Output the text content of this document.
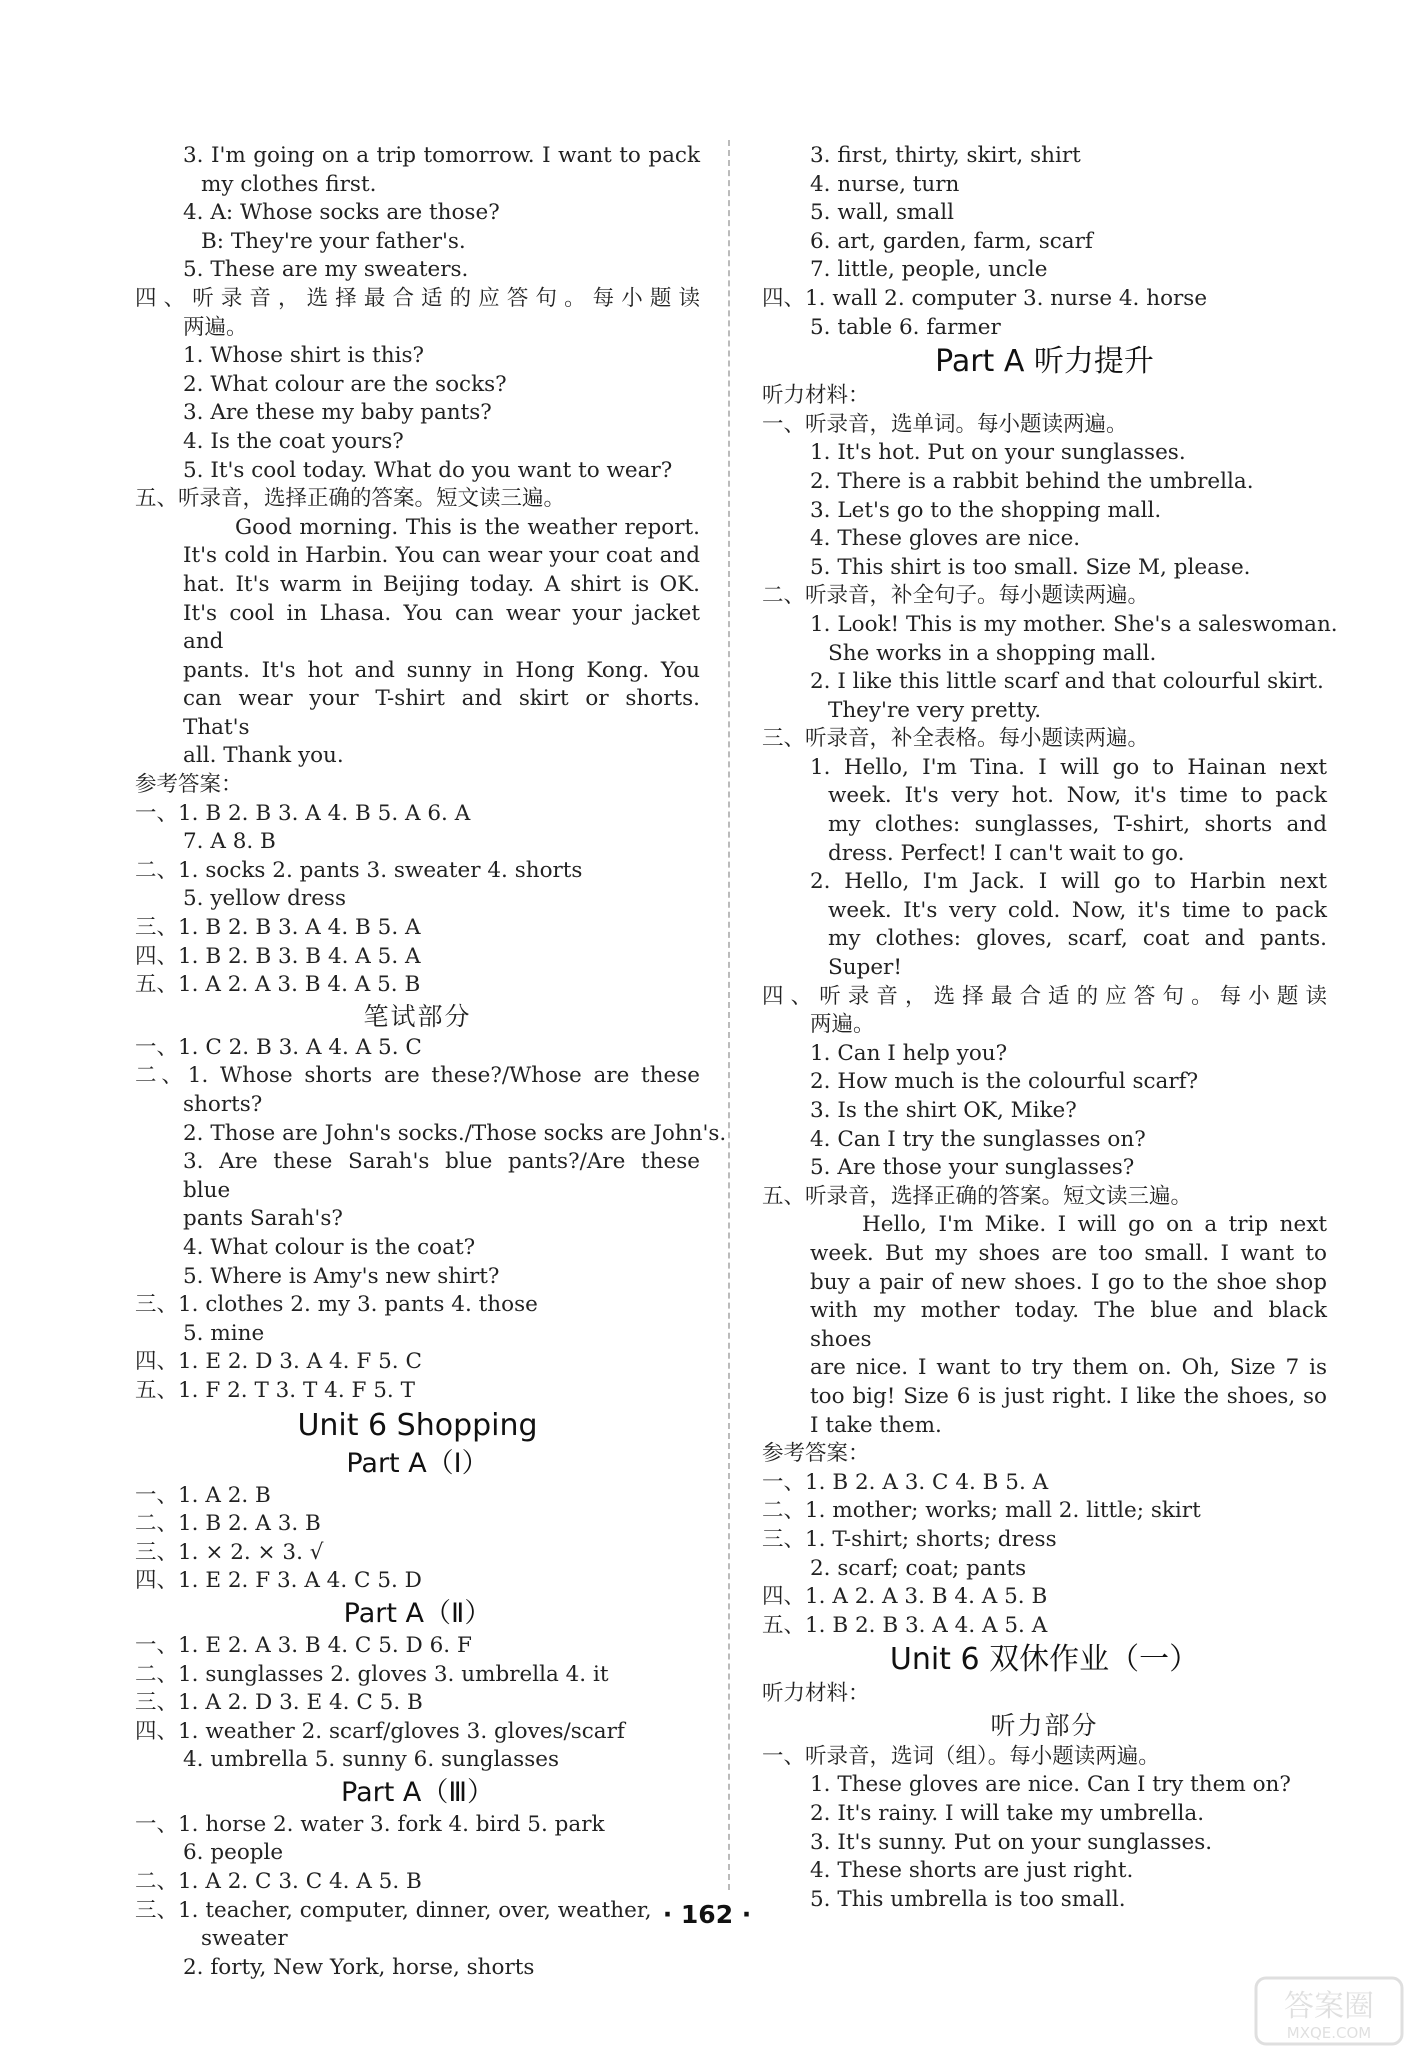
3. I'm going on a trip tomorrow. I want to pack
my clothes first.
4. A: Whose socks are those?
B: They're your father's.
5. These are my sweaters.
四、听录音，选择最合适的应答句。每小题读
两遍。
1. Whose shirt is this?
2. What colour are the socks?
3. Are these my baby pants?
4. Is the coat yours?
5. It's cool today. What do you want to wear?
五、听录音，选择正确的答案。短文读三遍。
Good morning. This is the weather report.
It's cold in Harbin. You can wear your coat and
hat. It's warm in Beijing today. A shirt is OK.
It's cool in Lhasa. You can wear your jacket and
pants. It's hot and sunny in Hong Kong. You
can wear your T-shirt and skirt or shorts. That's
all. Thank you.
参考答案：
一、1. B 2. B 3. A 4. B 5. A 6. A
7. A 8. B
二、1. socks 2. pants 3. sweater 4. shorts
5. yellow dress
三、1. B 2. B 3. A 4. B 5. A
四、1. B 2. B 3. B 4. A 5. A
五、1. A 2. A 3. B 4. A 5. B
笔试部分
一、1. C 2. B 3. A 4. A 5. C
二、1. Whose shorts are these?/Whose are these
shorts?
2. Those are John's socks./Those socks are John's.
3. Are these Sarah's blue pants?/Are these blue
pants Sarah's?
4. What colour is the coat?
5. Where is Amy's new shirt?
三、1. clothes 2. my 3. pants 4. those
5. mine
四、1. E 2. D 3. A 4. F 5. C
五、1. F 2. T 3. T 4. F 5. T
Unit 6 Shopping
Part A（Ⅰ）
一、1. A 2. B
二、1. B 2. A 3. B
三、1. × 2. × 3. √
四、1. E 2. F 3. A 4. C 5. D
Part A（Ⅱ）
一、1. E 2. A 3. B 4. C 5. D 6. F
二、1. sunglasses 2. gloves 3. umbrella 4. it
三、1. A 2. D 3. E 4. C 5. B
四、1. weather 2. scarf/gloves 3. gloves/scarf
4. umbrella 5. sunny 6. sunglasses
Part A（Ⅲ）
一、1. horse 2. water 3. fork 4. bird 5. park
6. people
二、1. A 2. C 3. C 4. A 5. B
三、1. teacher, computer, dinner, over, weather,
sweater
2. forty, New York, horse, shorts
3. first, thirty, skirt, shirt
4. nurse, turn
5. wall, small
6. art, garden, farm, scarf
7. little, people, uncle
四、1. wall 2. computer 3. nurse 4. horse
5. table 6. farmer
Part A 听力提升
听力材料：
一、听录音，选单词。每小题读两遍。
1. It's hot. Put on your sunglasses.
2. There is a rabbit behind the umbrella.
3. Let's go to the shopping mall.
4. These gloves are nice.
5. This shirt is too small. Size M, please.
二、听录音，补全句子。每小题读两遍。
1. Look! This is my mother. She's a saleswoman.
She works in a shopping mall.
2. I like this little scarf and that colourful skirt.
They're very pretty.
三、听录音，补全表格。每小题读两遍。
1. Hello, I'm Tina. I will go to Hainan next
week. It's very hot. Now, it's time to pack
my clothes: sunglasses, T-shirt, shorts and
dress. Perfect! I can't wait to go.
2. Hello, I'm Jack. I will go to Harbin next
week. It's very cold. Now, it's time to pack
my clothes: gloves, scarf, coat and pants.
Super!
四、听录音，选择最合适的应答句。每小题读
两遍。
1. Can I help you?
2. How much is the colourful scarf?
3. Is the shirt OK, Mike?
4. Can I try the sunglasses on?
5. Are those your sunglasses?
五、听录音，选择正确的答案。短文读三遍。
Hello, I'm Mike. I will go on a trip next
week. But my shoes are too small. I want to
buy a pair of new shoes. I go to the shoe shop
with my mother today. The blue and black shoes
are nice. I want to try them on. Oh, Size 7 is
too big! Size 6 is just right. I like the shoes, so
I take them.
参考答案：
一、1. B 2. A 3. C 4. B 5. A
二、1. mother; works; mall 2. little; skirt
三、1. T-shirt; shorts; dress
2. scarf; coat; pants
四、1. A 2. A 3. B 4. A 5. B
五、1. B 2. B 3. A 4. A 5. A
Unit 6 双休作业（一）
听力材料：
听力部分
一、听录音，选词（组）。每小题读两遍。
1. These gloves are nice. Can I try them on?
2. It's rainy. I will take my umbrella.
3. It's sunny. Put on your sunglasses.
4. These shorts are just right.
5. This umbrella is too small.
· 162 ·
答案圈
MXQE.COM
